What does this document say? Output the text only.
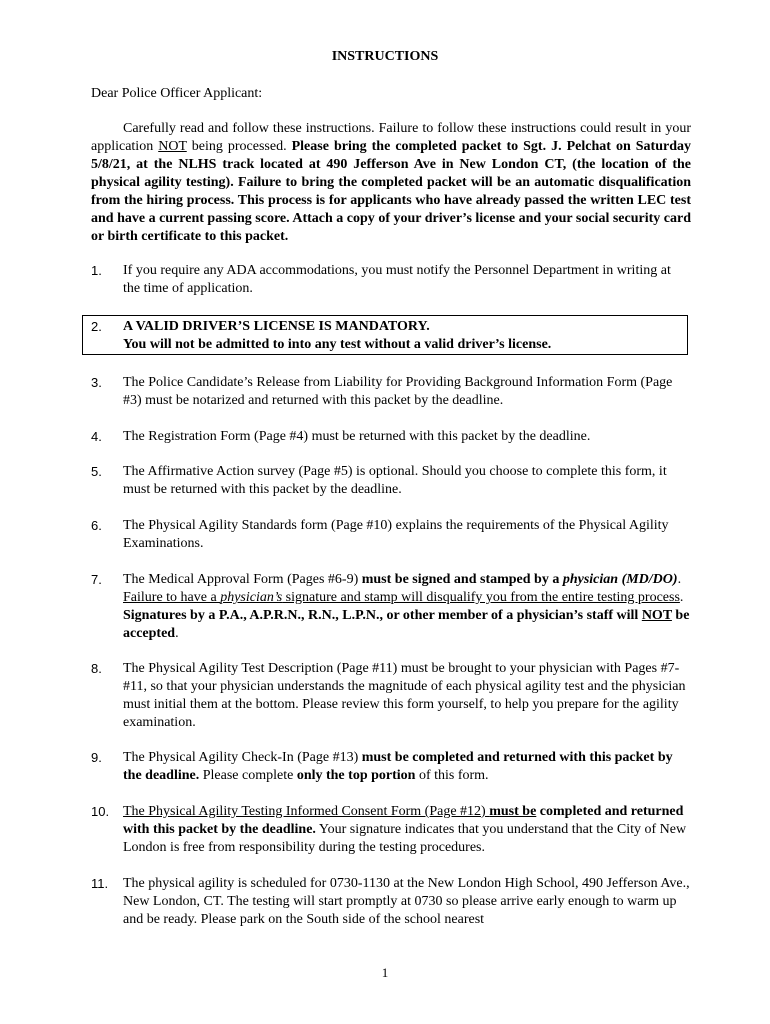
INSTRUCTIONS
Dear Police Officer Applicant:
Carefully read and follow these instructions. Failure to follow these instructions could result in your application NOT being processed. Please bring the completed packet to Sgt. J. Pelchat on Saturday 5/8/21, at the NLHS track located at 490 Jefferson Ave in New London CT, (the location of the physical agility testing). Failure to bring the completed packet will be an automatic disqualification from the hiring process. This process is for applicants who have already passed the written LEC test and have a current passing score. Attach a copy of your driver’s license and your social security card or birth certificate to this packet.
1. If you require any ADA accommodations, you must notify the Personnel Department in writing at the time of application.
2. A VALID DRIVER’S LICENSE IS MANDATORY.
You will not be admitted to into any test without a valid driver’s license.
3. The Police Candidate’s Release from Liability for Providing Background Information Form (Page #3) must be notarized and returned with this packet by the deadline.
4. The Registration Form (Page #4) must be returned with this packet by the deadline.
5. The Affirmative Action survey (Page #5) is optional. Should you choose to complete this form, it must be returned with this packet by the deadline.
6. The Physical Agility Standards form (Page #10) explains the requirements of the Physical Agility Examinations.
7. The Medical Approval Form (Pages #6-9) must be signed and stamped by a physician (MD/DO). Failure to have a physician’s signature and stamp will disqualify you from the entire testing process. Signatures by a P.A., A.P.R.N., R.N., L.P.N., or other member of a physician’s staff will NOT be accepted.
8. The Physical Agility Test Description (Page #11) must be brought to your physician with Pages #7-#11, so that your physician understands the magnitude of each physical agility test and the physician must initial them at the bottom. Please review this form yourself, to help you prepare for the agility examination.
9. The Physical Agility Check-In (Page #13) must be completed and returned with this packet by the deadline. Please complete only the top portion of this form.
10. The Physical Agility Testing Informed Consent Form (Page #12) must be completed and returned with this packet by the deadline. Your signature indicates that you understand that the City of New London is free from responsibility during the testing procedures.
11. The physical agility is scheduled for 0730-1130 at the New London High School, 490 Jefferson Ave., New London, CT. The testing will start promptly at 0730 so please arrive early enough to warm up and be ready. Please park on the South side of the school nearest
1
